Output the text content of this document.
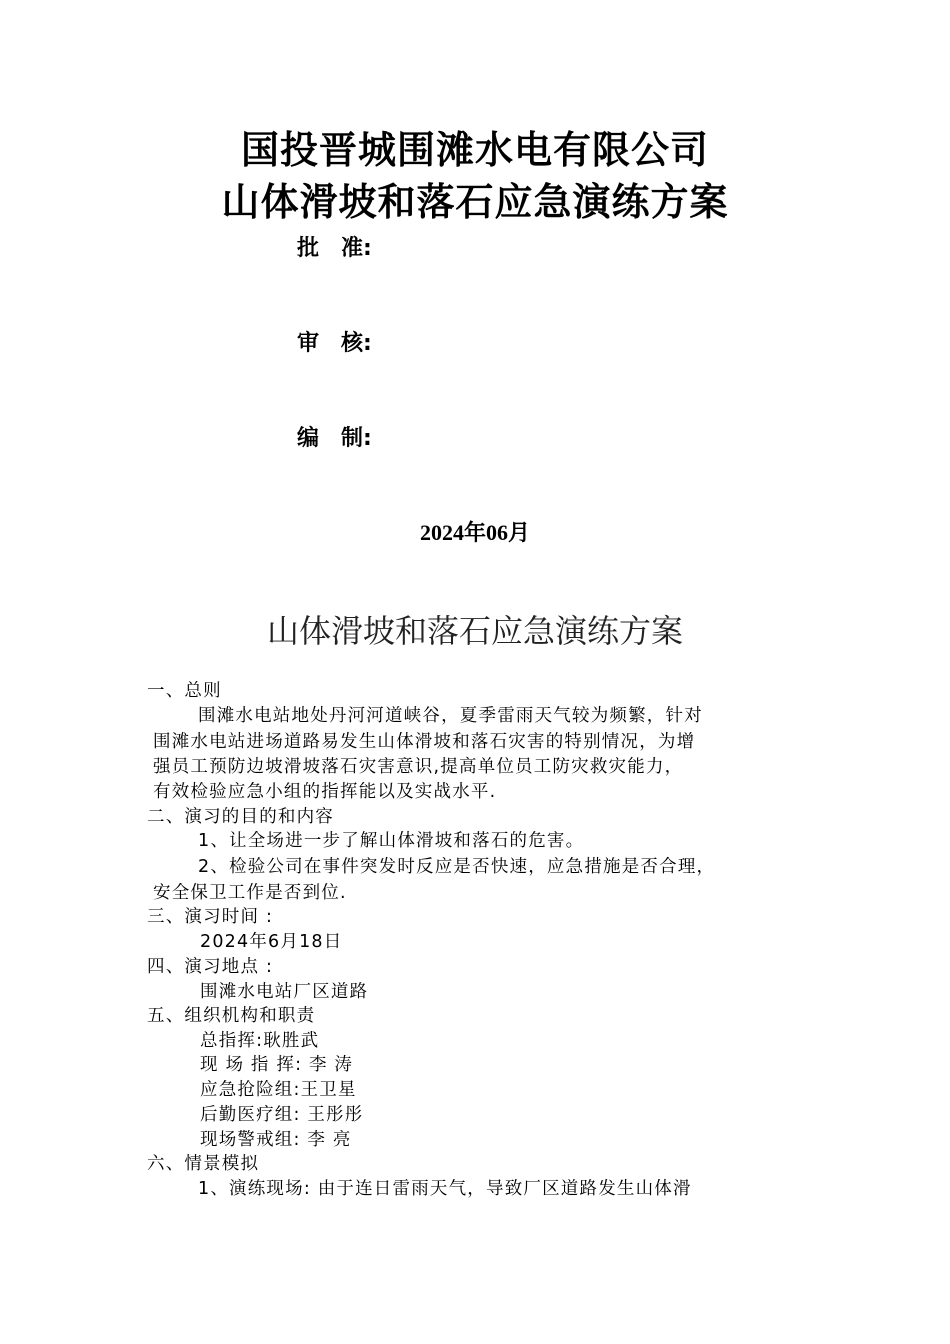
国投晋城围滩水电有限公司
山体滑坡和落石应急演练方案
批　准:
审　核:
编　制:
2024年06月
山体滑坡和落石应急演练方案
一、总则
围滩水电站地处丹河河道峡谷，夏季雷雨天气较为频繁，针对
围滩水电站进场道路易发生山体滑坡和落石灾害的特别情况，为增
强员工预防边坡滑坡落石灾害意识,提高单位员工防灾救灾能力，
有效检验应急小组的指挥能以及实战水平.
二、演习的目的和内容
1、让全场进一步了解山体滑坡和落石的危害。
2、检验公司在事件突发时反应是否快速，应急措施是否合理，
安全保卫工作是否到位.
三、演习时间 :
2024年6月18日
四、演习地点 :
围滩水电站厂区道路
五、组织机构和职责
总指挥:耿胜武
现 场 指 挥: 李 涛
应急抢险组:王卫星
后勤医疗组: 王彤彤
现场警戒组: 李 亮
六、情景模拟
1、演练现场: 由于连日雷雨天气，导致厂区道路发生山体滑
